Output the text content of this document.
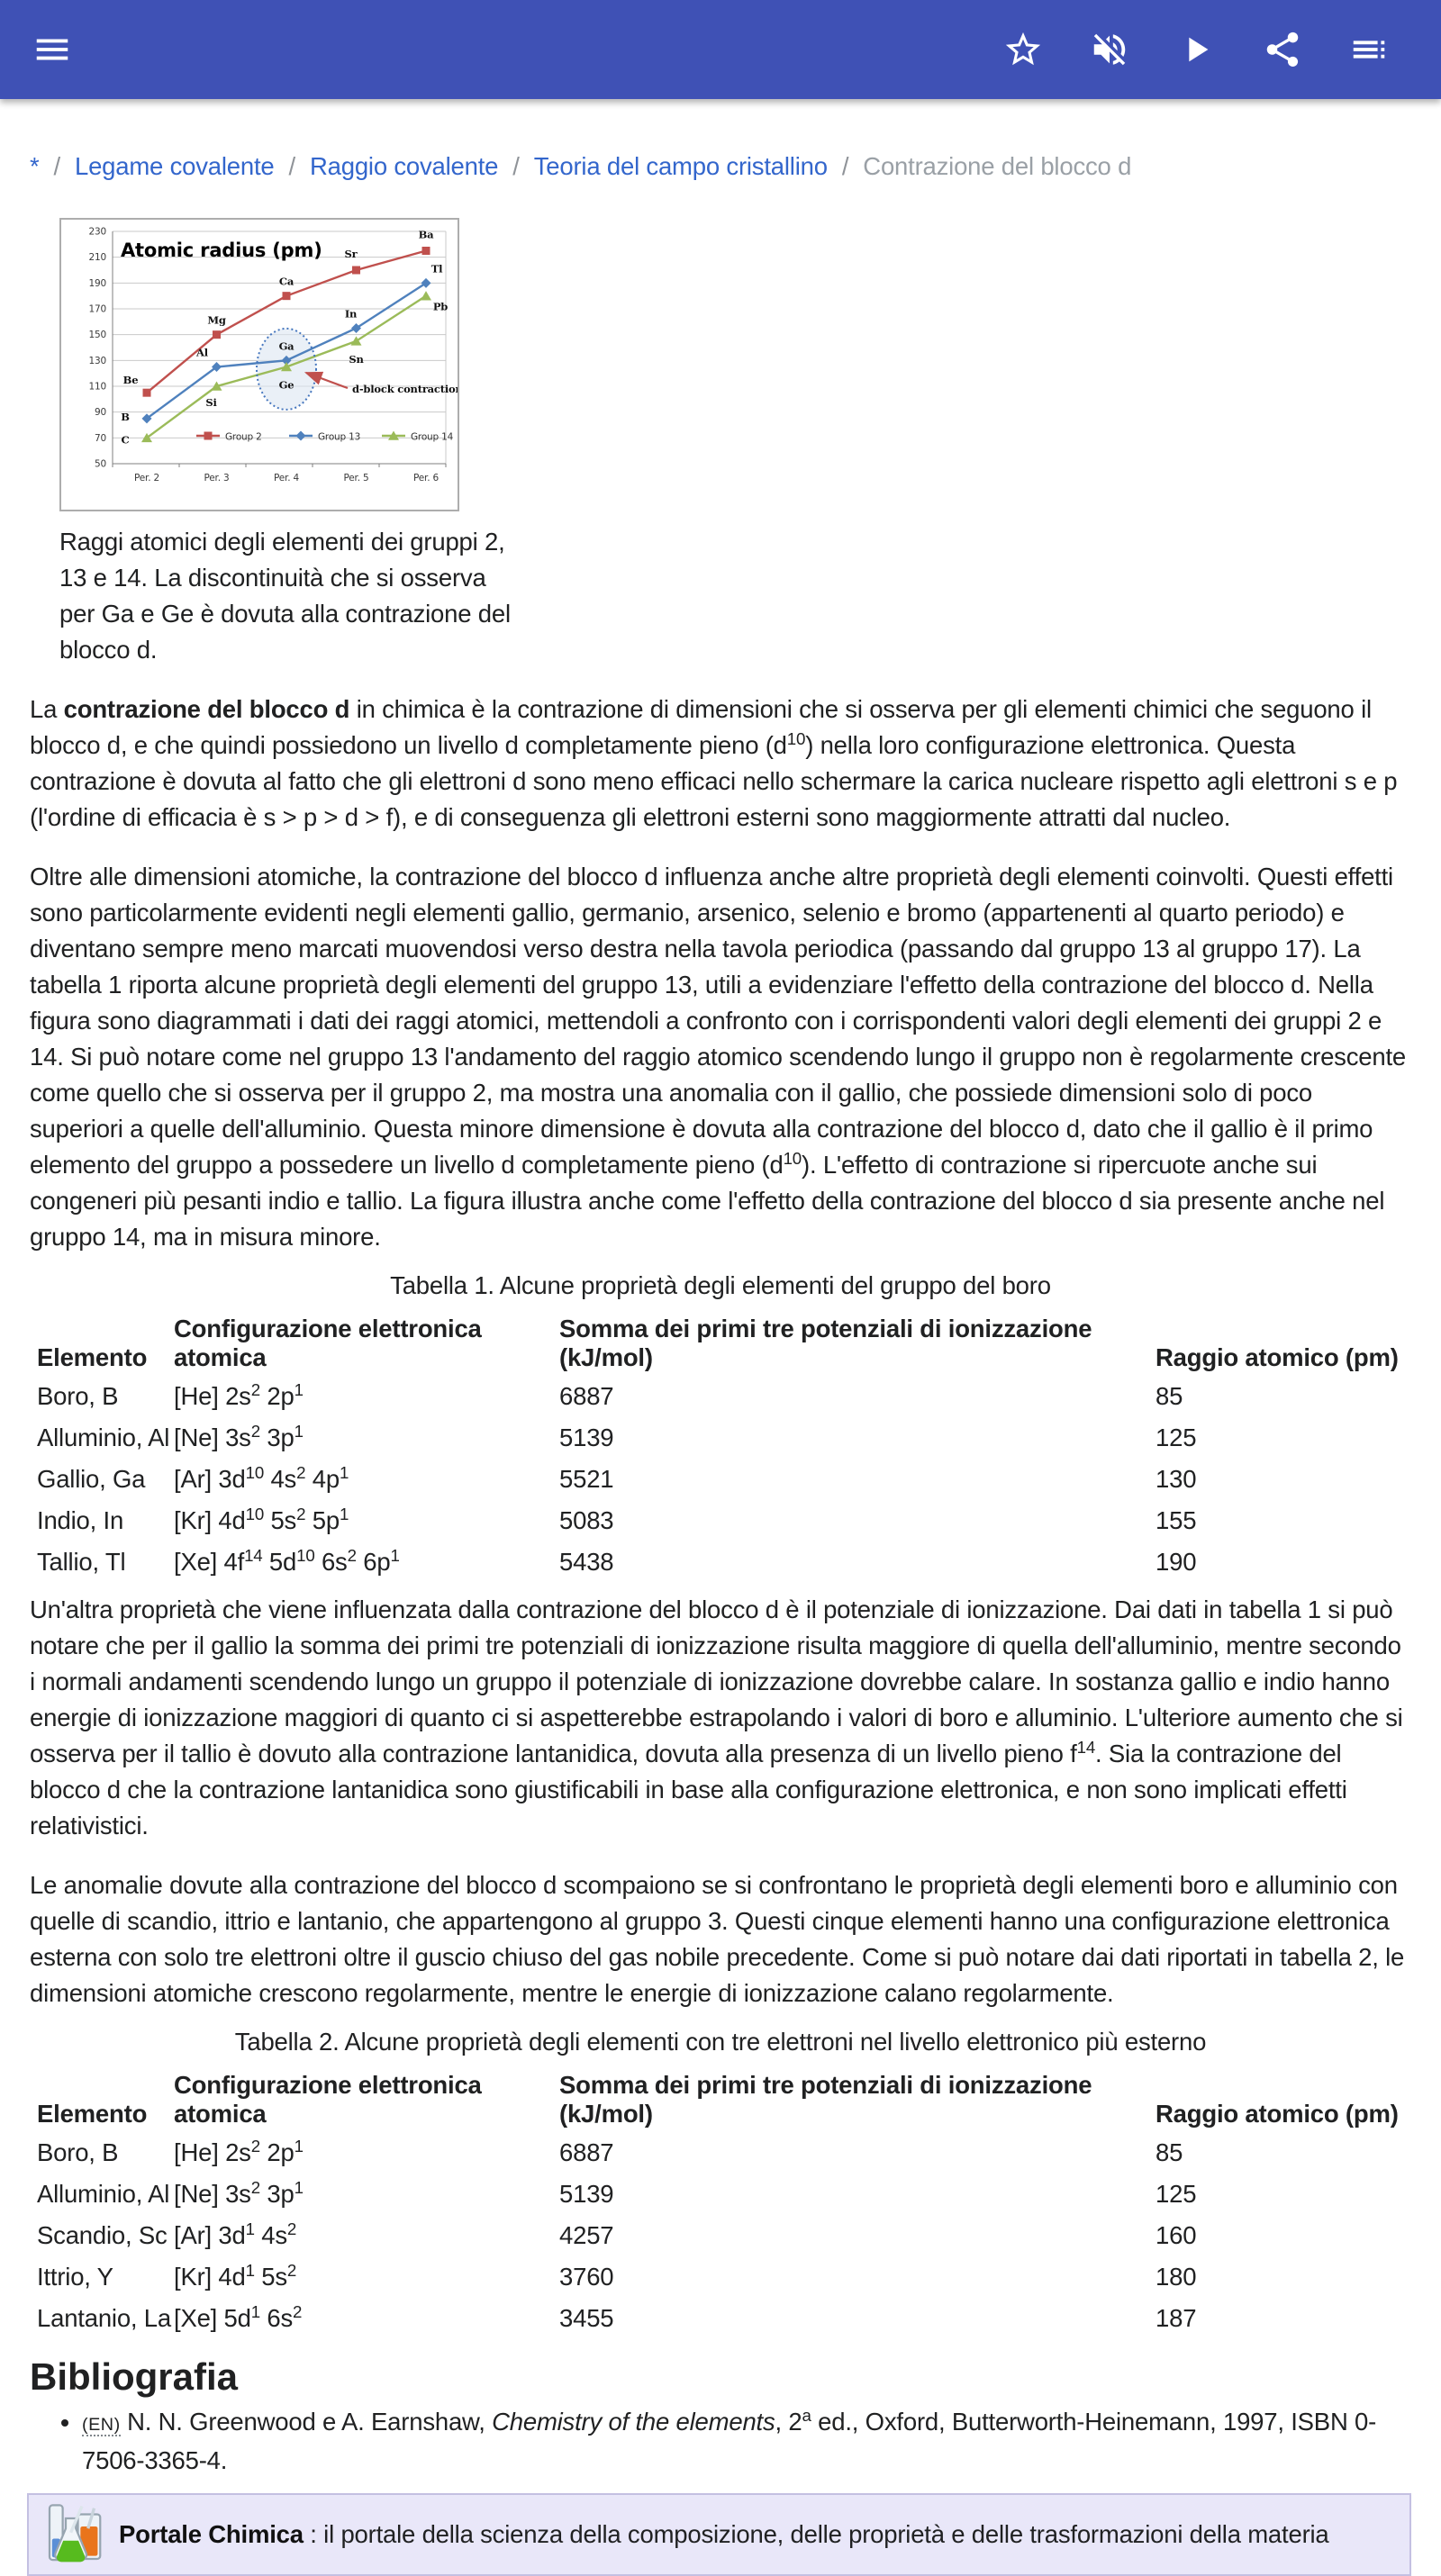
* / Legame covalente / Raggio covalente / Teoria del campo cristallino / Contrazione del blocco d
50
70
90
110
130
150
170
190
210
230
Per. 2	Per. 3	Per. 4	Per. 5	Per. 6
Be
Mg
Ca
Sr
Ba
B
Al
Ga
In
Tl
C
Si
Ge
Sn
Pb
d-block contraction
Group 2	Group 13	Group 14
Atomic radius (pm)
Raggi atomici degli elementi dei gruppi 2, 13 e 14. La discontinuità che si osserva per Ga e Ge è dovuta alla contrazione del blocco d.

La contrazione del blocco d in chimica è la contrazione di dimensioni che si osserva per gli elementi chimici che seguono il blocco d, e che quindi possiedono un livello d completamente pieno $(d^{10})$ nella loro configurazione elettronica. Questa contrazione è dovuta al fatto che gli elettroni d sono meno efficaci nello schermare la carica nucleare rispetto agli elettroni s e p (l'ordine di efficacia è s > p > d > f), e di conseguenza gli elettroni esterni sono maggiormente attratti dal nucleo.

Oltre alle dimensioni atomiche, la contrazione del blocco d influenza anche altre proprietà degli elementi coinvolti. Questi effetti sono particolarmente evidenti negli elementi gallio, germanio, arsenico, selenio e bromo (appartenenti al quarto periodo) e diventano sempre meno marcati muovendosi verso destra nella tavola periodica (passando dal gruppo 13 al gruppo 17). La tabella 1 riporta alcune proprietà degli elementi del gruppo 13, utili a evidenziare l'effetto della contrazione del blocco d. Nella figura sono diagrammati i dati dei raggi atomici, mettendoli a confronto con i corrispondenti valori degli elementi dei gruppi 2 e 14. Si può notare come nel gruppo 13 l'andamento del raggio atomico scendendo lungo il gruppo non è regolarmente crescente come quello che si osserva per il gruppo 2, ma mostra una anomalia con il gallio, che possiede dimensioni solo di poco superiori a quelle dell'alluminio. Questa minore dimensione è dovuta alla contrazione del blocco d, dato che il gallio è il primo elemento del gruppo a possedere un livello d completamente pieno $(d^{10})$. L'effetto di contrazione si ripercuote anche sui congeneri più pesanti indio e tallio. La figura illustra anche come l'effetto della contrazione del blocco d sia presente anche nel gruppo 14, ma in misura minore.

Tabella 1. Alcune proprietà degli elementi del gruppo del boro
Elemento	Configurazione elettronica atomica	Somma dei primi tre potenziali di ionizzazione (kJ/mol)	Raggio atomico (pm)
Boro, B	[He] $2s^2$ $2p^1$	6887	85
Alluminio, Al	[Ne] $3s^2$ $3p^1$	5139	125
Gallio, Ga	[Ar] $3d^{10}$ $4s^2$ $4p^1$	5521	130
Indio, In	[Kr] $4d^{10}$ $5s^2$ $5p^1$	5083	155
Tallio, Tl	[Xe] $4f^{14}$ $5d^{10}$ $6s^2$ $6p^1$	5438	190

Un'altra proprietà che viene influenzata dalla contrazione del blocco d è il potenziale di ionizzazione. Dai dati in tabella 1 si può notare che per il gallio la somma dei primi tre potenziali di ionizzazione risulta maggiore di quella dell'alluminio, mentre secondo i normali andamenti scendendo lungo un gruppo il potenziale di ionizzazione dovrebbe calare. In sostanza gallio e indio hanno energie di ionizzazione maggiori di quanto ci si aspetterebbe estrapolando i valori di boro e alluminio. L'ulteriore aumento che si osserva per il tallio è dovuto alla contrazione lantanidica, dovuta alla presenza di un livello pieno $f^{14}$. Sia la contrazione del blocco d che la contrazione lantanidica sono giustificabili in base alla configurazione elettronica, e non sono implicati effetti relativistici.

Le anomalie dovute alla contrazione del blocco d scompaiono se si confrontano le proprietà degli elementi boro e alluminio con quelle di scandio, ittrio e lantanio, che appartengono al gruppo 3. Questi cinque elementi hanno una configurazione elettronica esterna con solo tre elettroni oltre il guscio chiuso del gas nobile precedente. Come si può notare dai dati riportati in tabella 2, le dimensioni atomiche crescono regolarmente, mentre le energie di ionizzazione calano regolarmente.

Tabella 2. Alcune proprietà degli elementi con tre elettroni nel livello elettronico più esterno
Elemento	Configurazione elettronica atomica	Somma dei primi tre potenziali di ionizzazione (kJ/mol)	Raggio atomico (pm)
Boro, B	[He] $2s^2$ $2p^1$	6887	85
Alluminio, Al	[Ne] $3s^2$ $3p^1$	5139	125
Scandio, Sc	[Ar] $3d^1$ $4s^2$	4257	160
Ittrio, Y	[Kr] $4d^1$ $5s^2$	3760	180
Lantanio, La	[Xe] $5d^1$ $6s^2$	3455	187
Bibliografia
• (EN) N. N. Greenwood e A. Earnshaw, Chemistry of the elements, 2$^a$ ed., Oxford, Butterworth-Heinemann, 1997, ISBN 0-7506-3365-4.
Portale Chimica : il portale della scienza della composizione, delle proprietà e delle trasformazioni della materia
